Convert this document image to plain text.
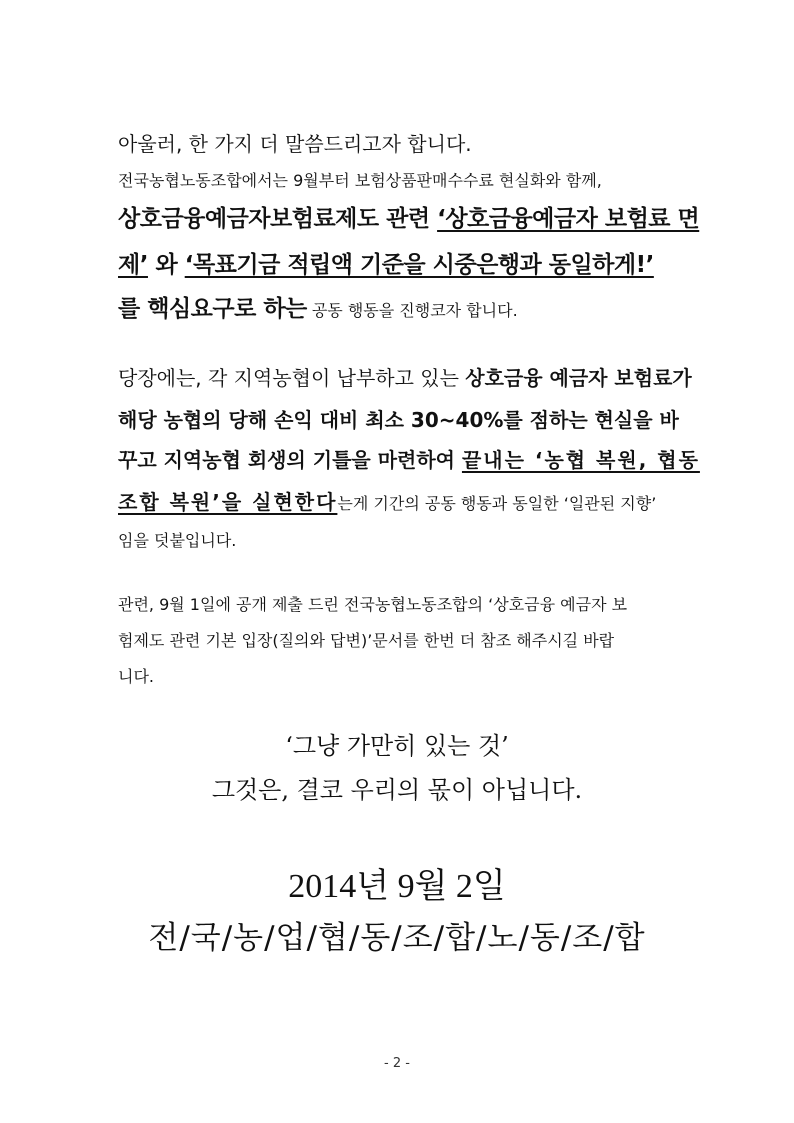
아울러, 한 가지 더 말씀드리고자 합니다.
전국농협노동조합에서는 9월부터 보험상품판매수수료 현실화와 함께,
상호금융예금자보험료제도 관련 ‘상호금융예금자 보험료 면
제’ 와 ‘목표기금 적립액 기준을 시중은행과 동일하게!’
를 핵심요구로 하는 공동 행동을 진행코자 합니다.
당장에는, 각 지역농협이 납부하고 있는 상호금융 예금자 보험료가
해당 농협의 당해 손익 대비 최소 30~40%를 점하는 현실을 바
꾸고 지역농협 회생의 기틀을 마련하여 끝내는 ‘농협 복원, 협동
조합 복원’을 실현한다는게 기간의 공동 행동과 동일한 ‘일관된 지향’
임을 덧붙입니다.
관련, 9월 1일에 공개 제출 드린 전국농협노동조합의 ‘상호금융 예금자 보
험제도 관련 기본 입장(질의와 답변)’문서를 한번 더 참조 해주시길 바랍
니다.
‘그냥 가만히 있는 것’
그것은, 결코 우리의 몫이 아닙니다.
2014년 9월 2일
전/국/농/업/협/동/조/합/노/동/조/합
- 2 -
